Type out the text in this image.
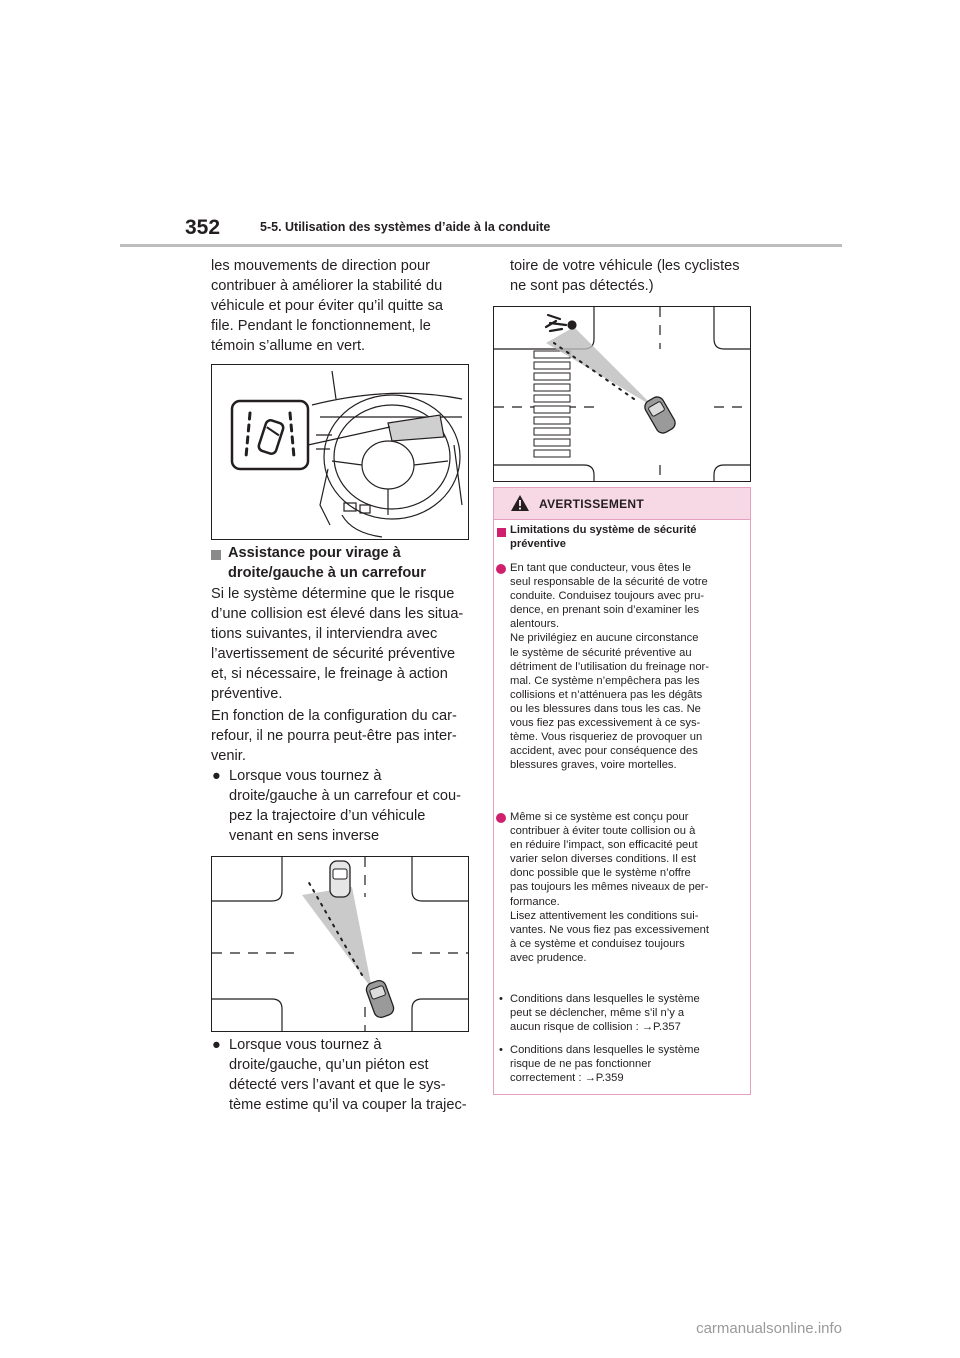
352	5-5. Utilisation des systèmes d’aide à la conduite
les mouvements de direction pour
contribuer à améliorer la stabilité du
véhicule et pour éviter qu’il quitte sa
file. Pendant le fonctionnement, le
témoin s’allume en vert.
Assistance pour virage à
droite/gauche à un carrefour
Si le système détermine que le risque
d’une collision est élevé dans les situa-
tions suivantes, il interviendra avec
l’avertissement de sécurité préventive
et, si nécessaire, le freinage à action
préventive.
En fonction de la configuration du car-
refour, il ne pourra peut-être pas inter-
venir.
● Lorsque vous tournez à
droite/gauche à un carrefour et cou-
pez la trajectoire d’un véhicule
venant en sens inverse
● Lorsque vous tournez à
droite/gauche, qu’un piéton est
détecté vers l’avant et que le sys-
tème estime qu’il va couper la trajec-
toire de votre véhicule (les cyclistes
ne sont pas détectés.)
AVERTISSEMENT
Limitations du système de sécurité
préventive
En tant que conducteur, vous êtes le
seul responsable de la sécurité de votre
conduite. Conduisez toujours avec pru-
dence, en prenant soin d’examiner les
alentours.
Ne privilégiez en aucune circonstance
le système de sécurité préventive au
détriment de l’utilisation du freinage nor-
mal. Ce système n’empêchera pas les
collisions et n’atténuera pas les dégâts
ou les blessures dans tous les cas. Ne
vous fiez pas excessivement à ce sys-
tème. Vous risqueriez de provoquer un
accident, avec pour conséquence des
blessures graves, voire mortelles.
Même si ce système est conçu pour
contribuer à éviter toute collision ou à
en réduire l’impact, son efficacité peut
varier selon diverses conditions. Il est
donc possible que le système n’offre
pas toujours les mêmes niveaux de per-
formance.
Lisez attentivement les conditions sui-
vantes. Ne vous fiez pas excessivement
à ce système et conduisez toujours
avec prudence.
• Conditions dans lesquelles le système
peut se déclencher, même s’il n’y a
aucun risque de collision : →P.357
• Conditions dans lesquelles le système
risque de ne pas fonctionner
correctement : →P.359
carmanualsonline.info
